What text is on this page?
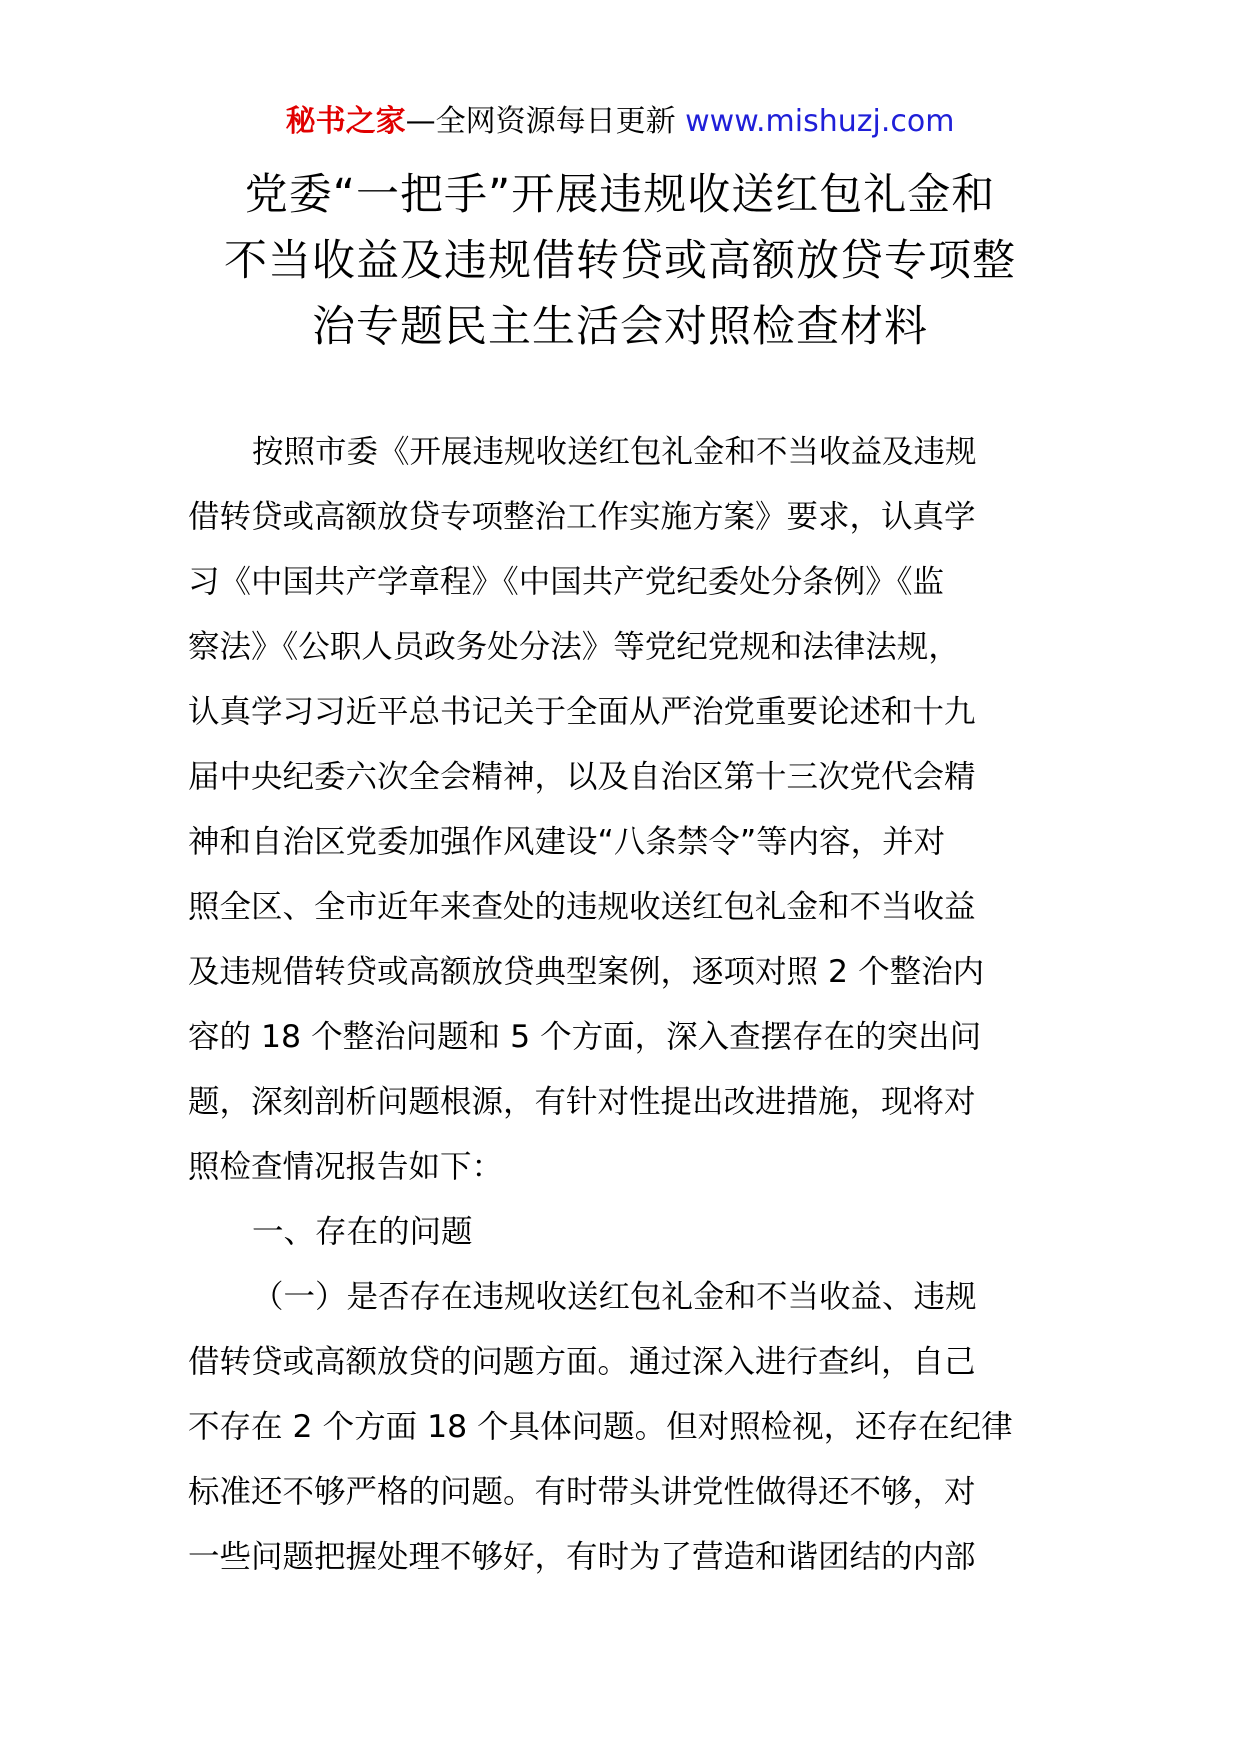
秘书之家—全网资源每日更新 www.mishuzj.com
党委“一把手”开展违规收送红包礼金和
不当收益及违规借转贷或高额放贷专项整
治专题民主生活会对照检查材料
按照市委《开展违规收送红包礼金和不当收益及违规
借转贷或高额放贷专项整治工作实施方案》要求，认真学
习《中国共产学章程》《中国共产党纪委处分条例》《监
察法》《公职人员政务处分法》等党纪党规和法律法规，
认真学习习近平总书记关于全面从严治党重要论述和十九
届中央纪委六次全会精神，以及自治区第十三次党代会精
神和自治区党委加强作风建设“八条禁令”等内容，并对
照全区、全市近年来查处的违规收送红包礼金和不当收益
及违规借转贷或高额放贷典型案例，逐项对照 2 个整治内
容的 18 个整治问题和 5 个方面，深入查摆存在的突出问
题，深刻剖析问题根源，有针对性提出改进措施，现将对
照检查情况报告如下：
一、存在的问题
（一）是否存在违规收送红包礼金和不当收益、违规
借转贷或高额放贷的问题方面。通过深入进行查纠，自己
不存在 2 个方面 18 个具体问题。但对照检视，还存在纪律
标准还不够严格的问题。有时带头讲党性做得还不够，对
一些问题把握处理不够好，有时为了营造和谐团结的内部
